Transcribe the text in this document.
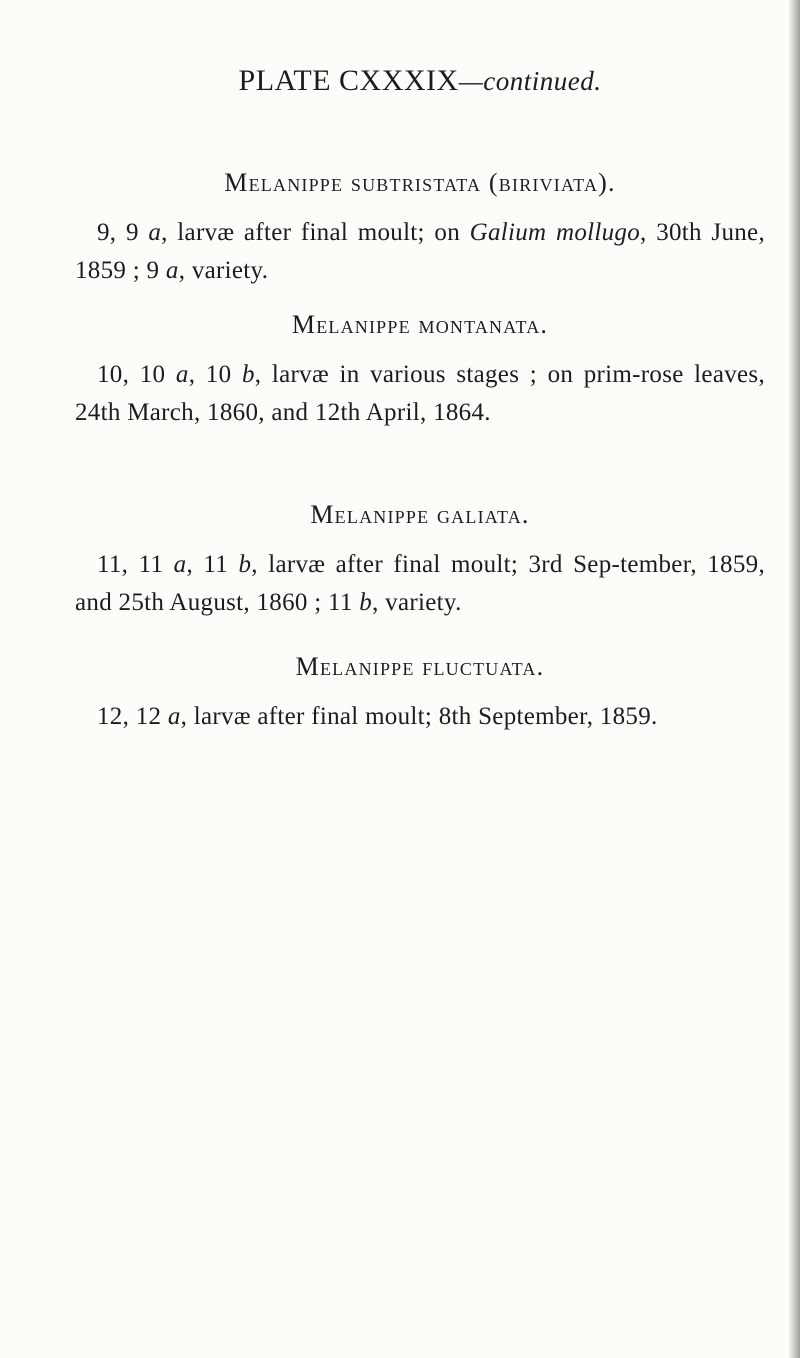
PLATE CXXXIX—continued.

Melanippe subtristata (biriviata).

9, 9 a, larvæ after final moult; on Galium mollugo, 30th June, 1859 ; 9 a, variety.

Melanippe montanata.

10, 10 a, 10 b, larvæ in various stages ; on prim-rose leaves, 24th March, 1860, and 12th April, 1864.

Melanippe galiata.

11, 11 a, 11 b, larvæ after final moult; 3rd Sep-tember, 1859, and 25th August, 1860 ; 11 b, variety.

Melanippe fluctuata.

12, 12 a, larvæ after final moult; 8th September, 1859.
